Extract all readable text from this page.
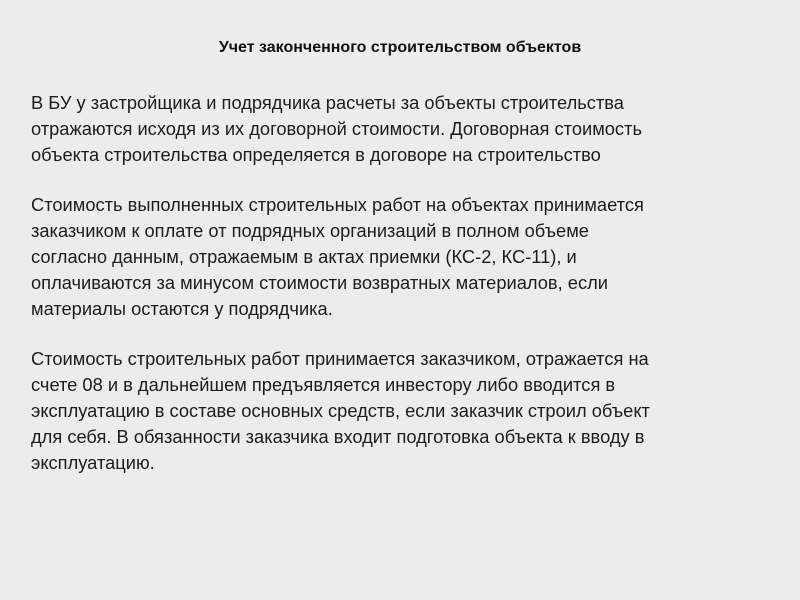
Учет законченного строительством объектов

В БУ у застройщика и подрядчика расчеты за объекты строительства
отражаются исходя из их договорной стоимости. Договорная стоимость
объекта строительства определяется в договоре на строительство

Стоимость выполненных строительных работ на объектах принимается
заказчиком к оплате от подрядных организаций в полном объеме
согласно данным, отражаемым в актах приемки (КС-2, КС-11), и
оплачиваются за минусом стоимости возвратных материалов, если
материалы остаются у подрядчика.

Стоимость строительных работ принимается заказчиком, отражается на
счете 08 и в дальнейшем предъявляется инвестору либо вводится в
эксплуатацию в составе основных средств, если заказчик строил объект
для себя. В обязанности заказчика входит подготовка объекта к вводу в
эксплуатацию.
